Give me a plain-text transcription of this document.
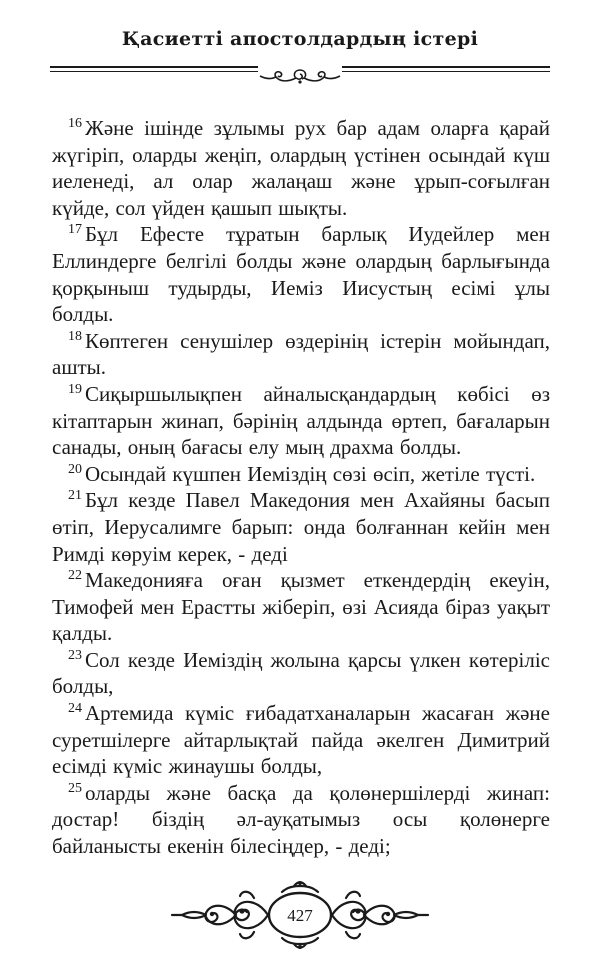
Қасиетті апостолдардың істері

$^{16}$ Және ішінде зұлымы рух бар адам оларға қарай жүгіріп, оларды жеңіп, олардың үстінен осындай күш иеленеді, ал олар жалаңаш және ұрып-соғылған күйде, сол үйден қашып шықты.

$^{17}$ Бұл Ефесте тұратын барлық Иудейлер мен Еллиндерге белгілі болды және олардың барлығында қорқыныш тудырды, Иеміз Иисустың есімі ұлы болды.

$^{18}$ Көптеген сенушілер өздерінің істерін мойындап, ашты.

$^{19}$ Сиқыршылықпен айналысқандардың көбісі өз кітаптарын жинап, бәрінің алдында өртеп, бағаларын санады, оның бағасы елу мың драхма болды.

$^{20}$ Осындай күшпен Иеміздің сөзі өсіп, жетіле түсті.

$^{21}$ Бұл кезде Павел Македония мен Ахайяны басып өтіп, Иерусалимге барып: онда болғаннан кейін мен Римді көруім керек, - деді

$^{22}$ Македонияға оған қызмет еткендердің екеуін, Тимофей мен Ерастты жіберіп, өзі Асияда біраз уақыт қалды.

$^{23}$ Сол кезде Иеміздің жолына қарсы үлкен көтеріліс болды,

$^{24}$ Артемида күміс ғибадатханаларын жасаған және суретшілерге айтарлықтай пайда әкелген Димитрий есімді күміс жинаушы болды,

$^{25}$ оларды және басқа да қолөнершілерді жинап: достар! біздің әл-ауқатымыз осы қолөнерге байланысты екенін білесіңдер, - деді;

427
